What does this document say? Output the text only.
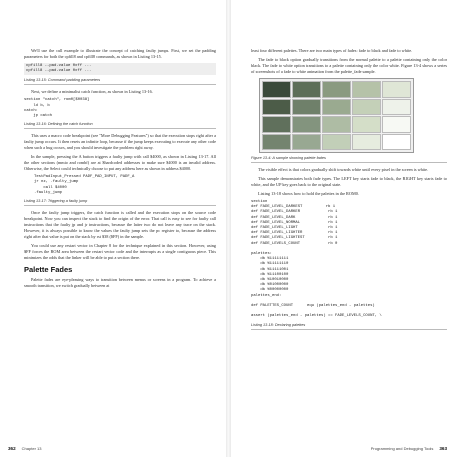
We'll use the cull example to illustrate the concept of catching faulty jumps. First, we set the padding parameters for both the cpfill8 and cpfill8 commands, as shown in Listing 13-15.

cpfill8 --pad-value 0xff ...
cpfill8 --pad-value 0xff ...
Listing 13-15: Command padding parameters

Next, we define a minimalist catch function, as shown in Listing 13-16.

section "catch", rom0[$0038]
ld b, b
catch:
jp catch
Listing 13-16: Defining the catch function

This uses a macro code breakpoint (see "More Debugging Features") so that the execution stops right after a faulty jump occurs. It then resets an infinite loop, because if the jump keeps executing to execute any other code when such a bug occurs, and you should investigate the problem right away.

In the sample, pressing the A button triggers a faulty jump with call $4000, as shown in Listing 13-17. All the other sections (mmio and rombf) are at $hardcoded addresses to make sure $4000 is an invalid address. Otherwise, the Select could technically choose to put any address here as shown in address $4000.

TestPadInput_Pressed PADF_PAD_INPUT, PADF_A
jr nz, .faulty_jump
call $4000
.faulty_jump
Listing 13-17: Triggering a faulty jump

Once the faulty jump triggers, the catch function is called and the execution stops on the source code breakpoint. Now you can inspect the stack to find the origin of the error. That call is easy to see for faulty call instructions that the faulty jp and jr instructions, because the latter two do not leave any trace on the stack. However, it is always possible to know the values the faulty jump sets the pc register to, because the address right after that value is put on the stack by rst $38 ($FF) in the sample.

You could use any restart vector in Chapter 8 for the technique explained in this section. However, using $FF forces the ROM area between the restart vector code and the interrupts as a single contiguous piece. This minimizes the odds that the linker will be able to put a section there.

Palette Fades

Palette fades are eye-pleasing ways to transition between menus or screens in a program. To achieve a smooth transition, we switch gradually between at

362 Chapter 13

least four different palettes. There are two main types of fades: fade to black and fade to white.

The fade to black option gradually transitions from the normal palette to a palette containing only the color black. The fade to white option transitions to a palette containing only the color white. Figure 13-4 shows a series of screenshots of a fade to white animation from the palette_fade sample.

Figure 13-4: A sample showing palette fades

The visible effect is that colors gradually shift towards white until every pixel in the screen is white.

This sample demonstrates both fade types. The LEFT key starts fade to black, the RIGHT key starts fade to white, and the UP key goes back to the original state.

Listing 13-18 shows how to hold the palettes in the ROM0.

section
def FADE_LEVEL_DARKEST          rb 1
def FADE_LEVEL_DARKER            rb 1
def FADE_LEVEL_DARK              rb 1
def FADE_LEVEL_NORMAL            rb 1
def FADE_LEVEL_LIGHT             rb 1
def FADE_LEVEL_LIGHTER           rb 1
def FADE_LEVEL_LIGHTEST          rb 1
def FADE_LEVELS_COUNT            rb 0

palettes:
db %11111111
db %11111110
db %11111001
db %11100100
db %10010000
db %01000000
db %00000000
palettes_end:

def PALETTES_COUNT      equ (palettes_end - palettes)

assert (palettes_end - palettes) == FADE_LEVELS_COUNT, \
Listing 13-18: Declaring palettes
Programming and Debugging Tools 363
